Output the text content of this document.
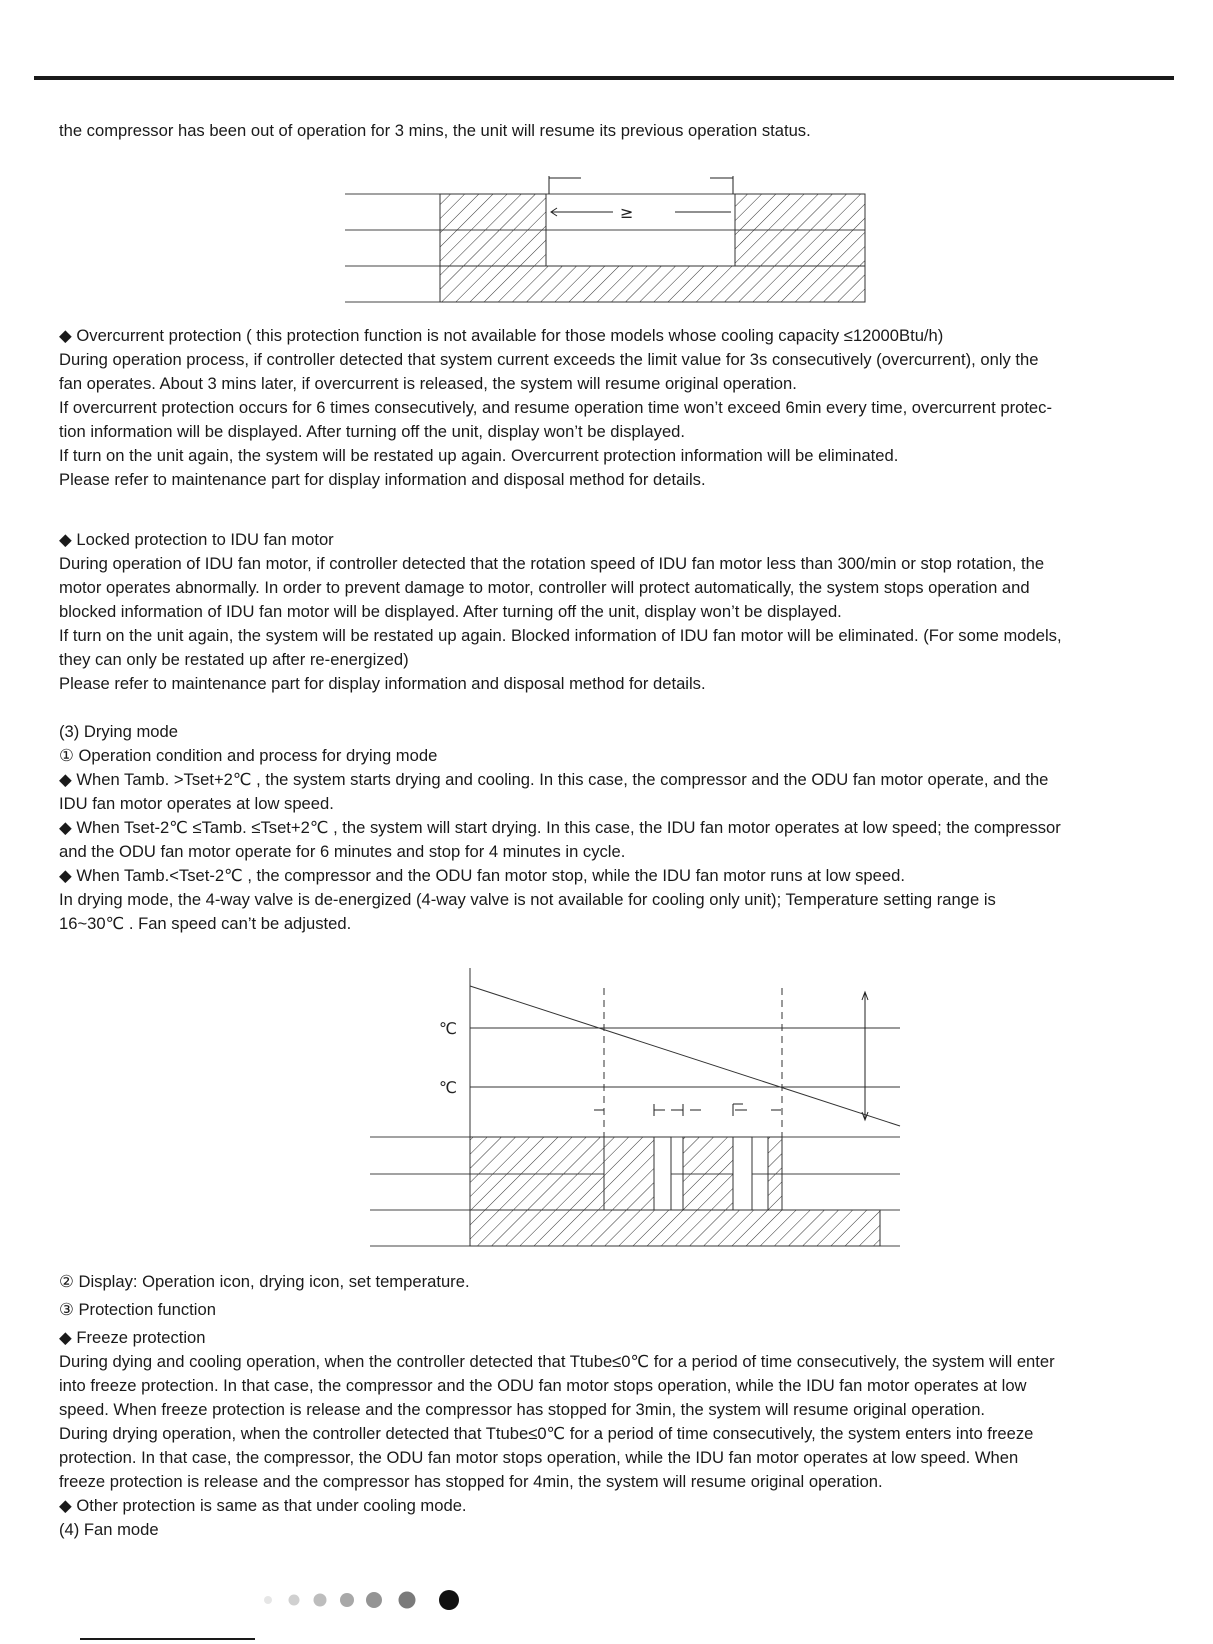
the compressor has been out of operation for 3 mins, the unit will resume its previous operation status.

≥

◆ Overcurrent protection ( this protection function is not available for those models whose cooling capacity ≤12000Btu/h)

During operation process, if controller detected that system current exceeds the limit value for 3s consecutively (overcurrent), only the

fan operates. About 3 mins later, if overcurrent is released, the system will resume original operation.

If overcurrent protection occurs for 6 times consecutively, and resume operation time won’t exceed 6min every time, overcurrent protec-

tion information will be displayed. After turning off the unit, display won’t be displayed.

If turn on the unit again, the system will be restated up again. Overcurrent protection information will be eliminated.

Please refer to maintenance part for display information and disposal method for details.

◆ Locked protection to IDU fan motor

During operation of IDU fan motor, if controller detected that the rotation speed of IDU fan motor less than 300/min or stop rotation, the

motor operates abnormally. In order to prevent damage to motor, controller will protect automatically, the system stops operation and

blocked information of IDU fan motor will be displayed. After turning off the unit, display won’t be displayed.

If turn on the unit again, the system will be restated up again. Blocked information of IDU fan motor will be eliminated. (For some models,

they can only be restated up after re-energized)

Please refer to maintenance part for display information and disposal method for details.

(3) Drying mode

① Operation condition and process for drying mode

◆ When Tamb. >Tset+2℃ , the system starts drying and cooling. In this case, the compressor and the ODU fan motor operate, and the

IDU fan motor operates at low speed.

◆ When Tset-2℃ ≤Tamb. ≤Tset+2℃ , the system will start drying. In this case, the IDU fan motor operates at low speed; the compressor

and the ODU fan motor operate for 6 minutes and stop for 4 minutes in cycle.

◆ When Tamb.<Tset-2℃ , the compressor and the ODU fan motor stop, while the IDU fan motor runs at low speed.

In drying mode, the 4-way valve is de-energized (4-way valve is not available for cooling only unit); Temperature setting range is

16~30℃ . Fan speed can’t be adjusted.

℃
℃

② Display: Operation icon, drying icon, set temperature.

③ Protection function

◆ Freeze protection

During dying and cooling operation, when the controller detected that Ttube≤0℃ for a period of time consecutively, the system will enter

into freeze protection. In that case, the compressor and the ODU fan motor stops operation, while the IDU fan motor operates at low

speed. When freeze protection is release and the compressor has stopped for 3min, the system will resume original operation.

During drying operation, when the controller detected that Ttube≤0℃ for a period of time consecutively, the system enters into freeze

protection. In that case, the compressor, the ODU fan motor stops operation, while the IDU fan motor operates at low speed. When

freeze protection is release and the compressor has stopped for 4min, the system will resume original operation.

◆ Other protection is same as that under cooling mode.

(4) Fan mode
